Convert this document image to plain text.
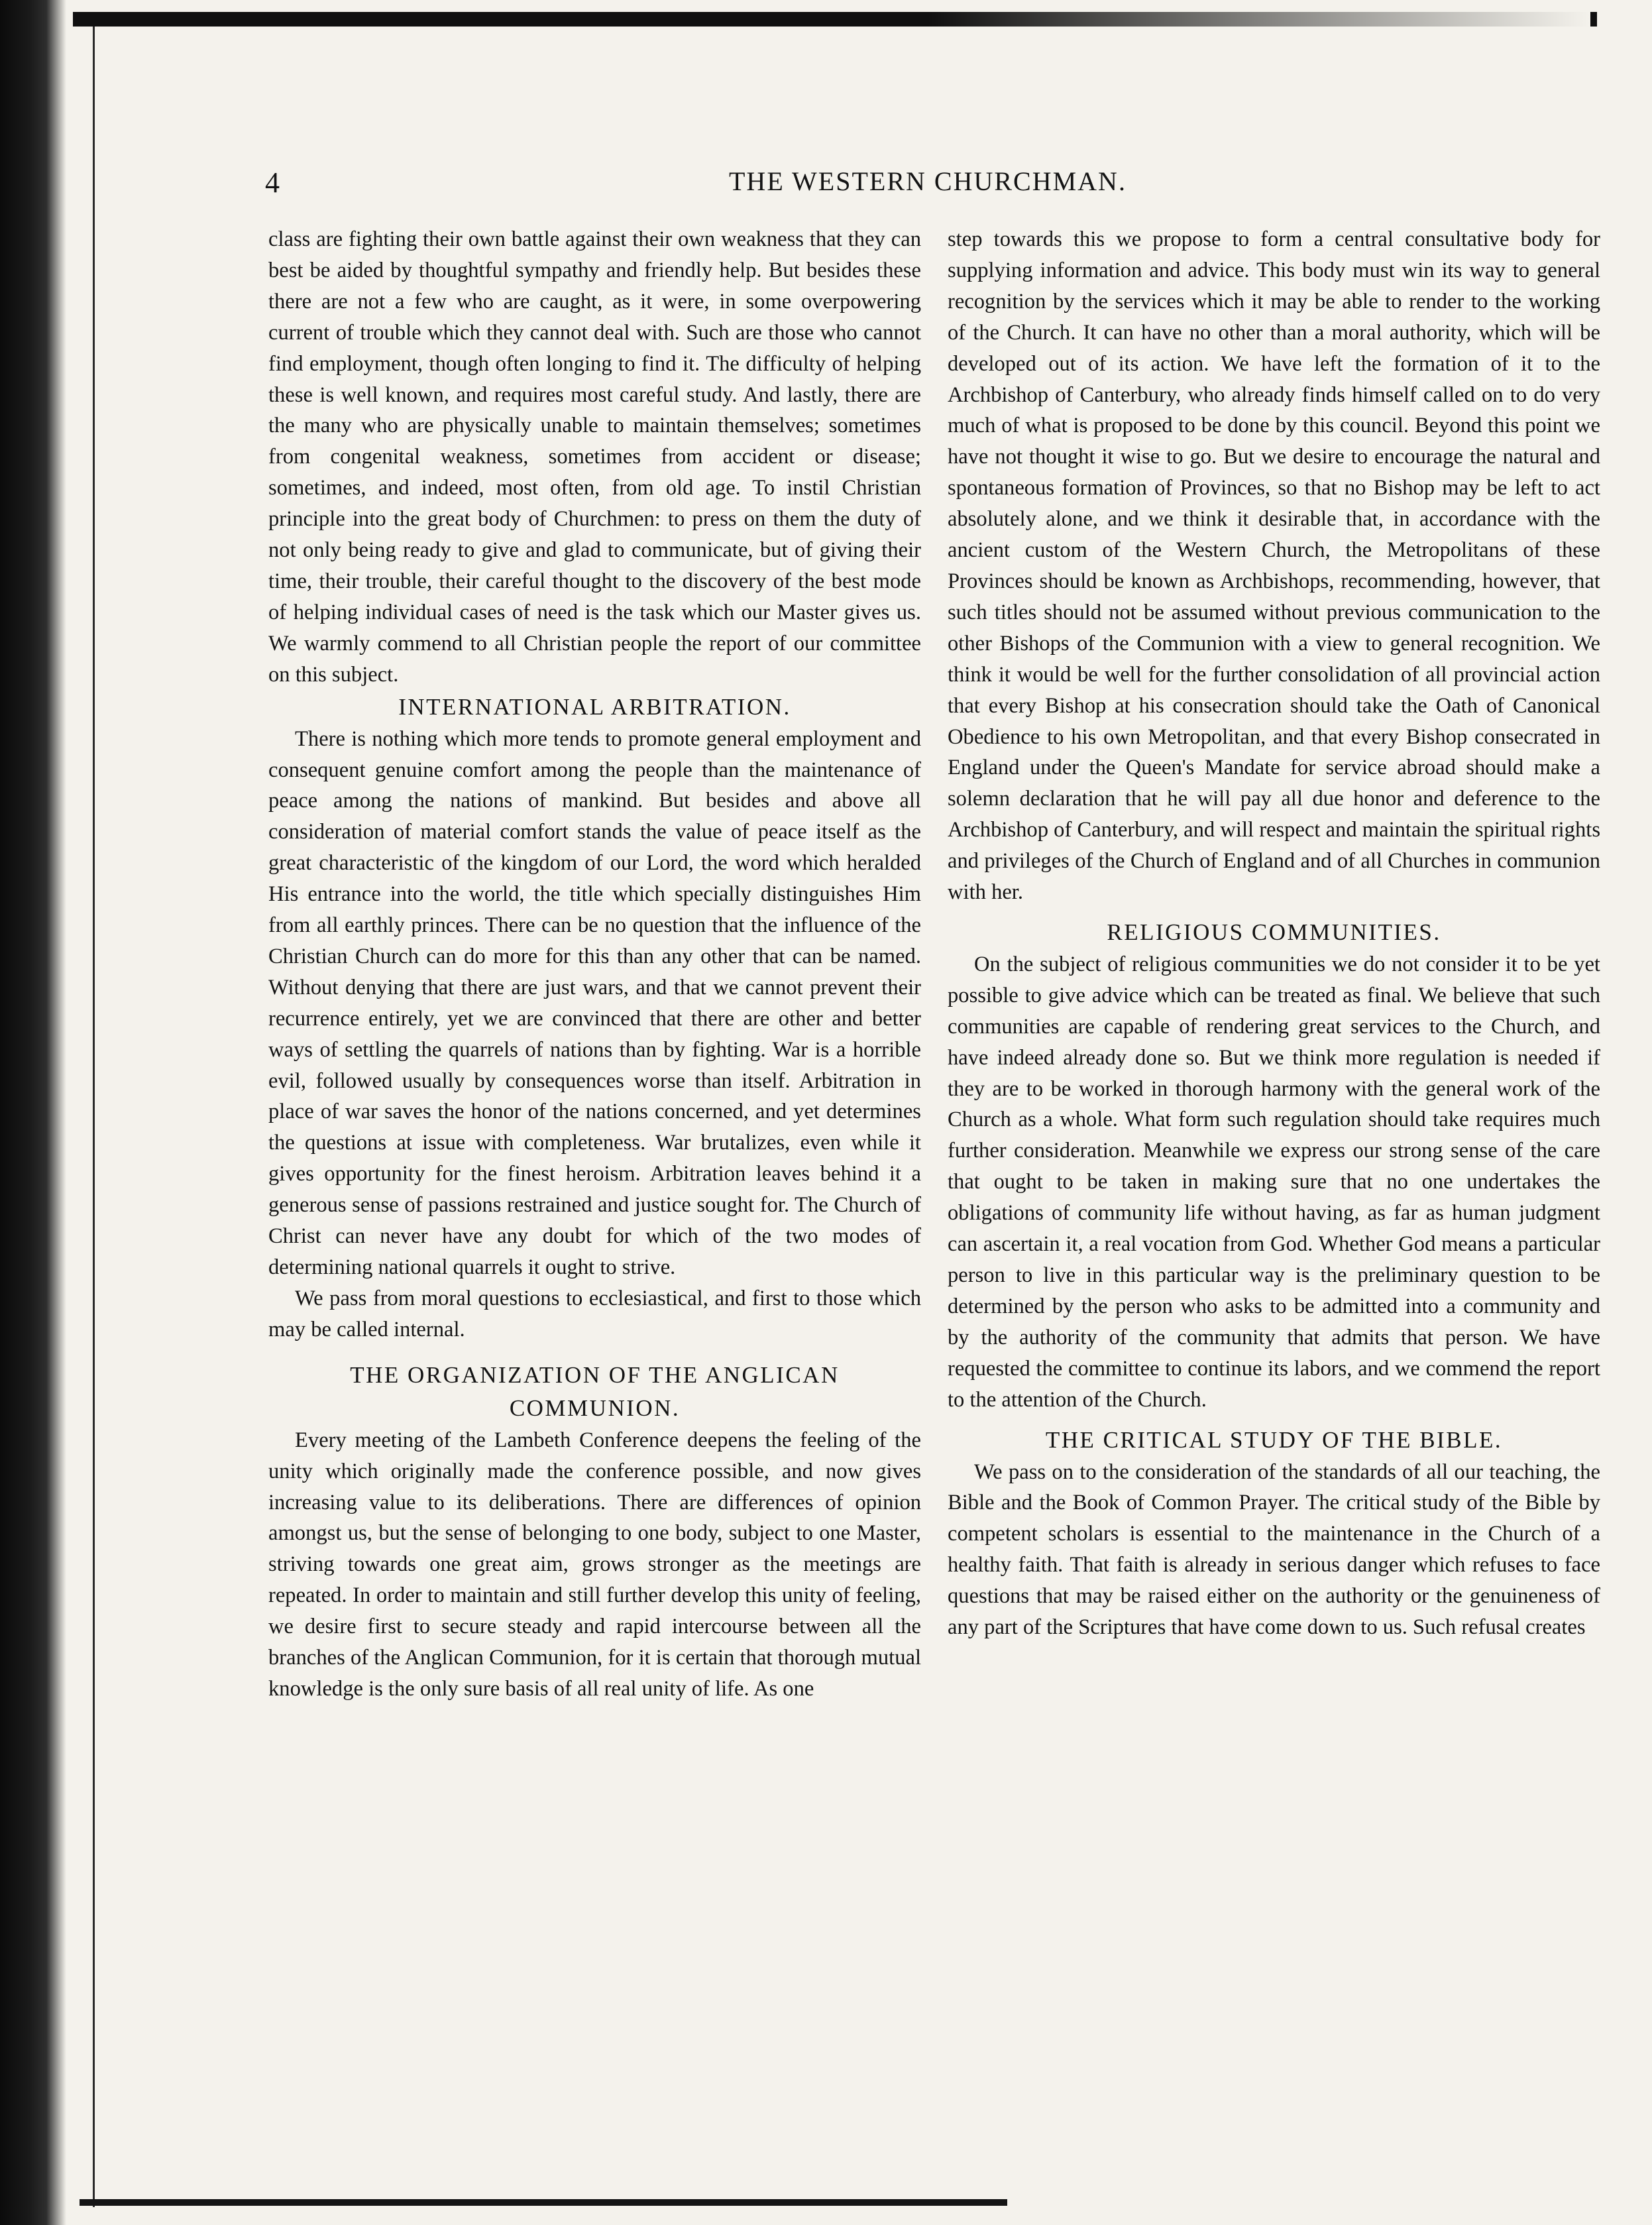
4	THE WESTERN CHURCHMAN.

class are fighting their own battle against their own weakness that they can best be aided by thoughtful sympathy and friendly help. But besides these there are not a few who are caught, as it were, in some overpowering current of trouble which they cannot deal with. Such are those who cannot find employment, though often longing to find it. The difficulty of helping these is well known, and requires most careful study. And lastly, there are the many who are physically unable to maintain themselves; sometimes from congenital weakness, sometimes from accident or disease; sometimes, and indeed, most often, from old age. To instil Christian principle into the great body of Churchmen: to press on them the duty of not only being ready to give and glad to communicate, but of giving their time, their trouble, their careful thought to the discovery of the best mode of helping individual cases of need is the task which our Master gives us. We warmly commend to all Christian people the report of our committee on this subject.

INTERNATIONAL ARBITRATION.

There is nothing which more tends to promote general employment and consequent genuine comfort among the people than the maintenance of peace among the nations of mankind. But besides and above all consideration of material comfort stands the value of peace itself as the great characteristic of the kingdom of our Lord, the word which heralded His entrance into the world, the title which specially distinguishes Him from all earthly princes. There can be no question that the influence of the Christian Church can do more for this than any other that can be named. Without denying that there are just wars, and that we cannot prevent their recurrence entirely, yet we are convinced that there are other and better ways of settling the quarrels of nations than by fighting. War is a horrible evil, followed usually by consequences worse than itself. Arbitration in place of war saves the honor of the nations concerned, and yet determines the questions at issue with completeness. War brutalizes, even while it gives opportunity for the finest heroism. Arbitration leaves behind it a generous sense of passions restrained and justice sought for. The Church of Christ can never have any doubt for which of the two modes of determining national quarrels it ought to strive.

We pass from moral questions to ecclesiastical, and first to those which may be called internal.

THE ORGANIZATION OF THE ANGLICAN COMMUNION.

Every meeting of the Lambeth Conference deepens the feeling of the unity which originally made the conference possible, and now gives increasing value to its deliberations. There are differences of opinion amongst us, but the sense of belonging to one body, subject to one Master, striving towards one great aim, grows stronger as the meetings are repeated. In order to maintain and still further develop this unity of feeling, we desire first to secure steady and rapid intercourse between all the branches of the Anglican Communion, for it is certain that thorough mutual knowledge is the only sure basis of all real unity of life. As one

step towards this we propose to form a central consultative body for supplying information and advice. This body must win its way to general recognition by the services which it may be able to render to the working of the Church. It can have no other than a moral authority, which will be developed out of its action. We have left the formation of it to the Archbishop of Canterbury, who already finds himself called on to do very much of what is proposed to be done by this council. Beyond this point we have not thought it wise to go. But we desire to encourage the natural and spontaneous formation of Provinces, so that no Bishop may be left to act absolutely alone, and we think it desirable that, in accordance with the ancient custom of the Western Church, the Metropolitans of these Provinces should be known as Archbishops, recommending, however, that such titles should not be assumed without previous communication to the other Bishops of the Communion with a view to general recognition. We think it would be well for the further consolidation of all provincial action that every Bishop at his consecration should take the Oath of Canonical Obedience to his own Metropolitan, and that every Bishop consecrated in England under the Queen's Mandate for service abroad should make a solemn declaration that he will pay all due honor and deference to the Archbishop of Canterbury, and will respect and maintain the spiritual rights and privileges of the Church of England and of all Churches in communion with her.

RELIGIOUS COMMUNITIES.

On the subject of religious communities we do not consider it to be yet possible to give advice which can be treated as final. We believe that such communities are capable of rendering great services to the Church, and have indeed already done so. But we think more regulation is needed if they are to be worked in thorough harmony with the general work of the Church as a whole. What form such regulation should take requires much further consideration. Meanwhile we express our strong sense of the care that ought to be taken in making sure that no one undertakes the obligations of community life without having, as far as human judgment can ascertain it, a real vocation from God. Whether God means a particular person to live in this particular way is the preliminary question to be determined by the person who asks to be admitted into a community and by the authority of the community that admits that person. We have requested the committee to continue its labors, and we commend the report to the attention of the Church.

THE CRITICAL STUDY OF THE BIBLE.

We pass on to the consideration of the standards of all our teaching, the Bible and the Book of Common Prayer. The critical study of the Bible by competent scholars is essential to the maintenance in the Church of a healthy faith. That faith is already in serious danger which refuses to face questions that may be raised either on the authority or the genuineness of any part of the Scriptures that have come down to us. Such refusal creates
